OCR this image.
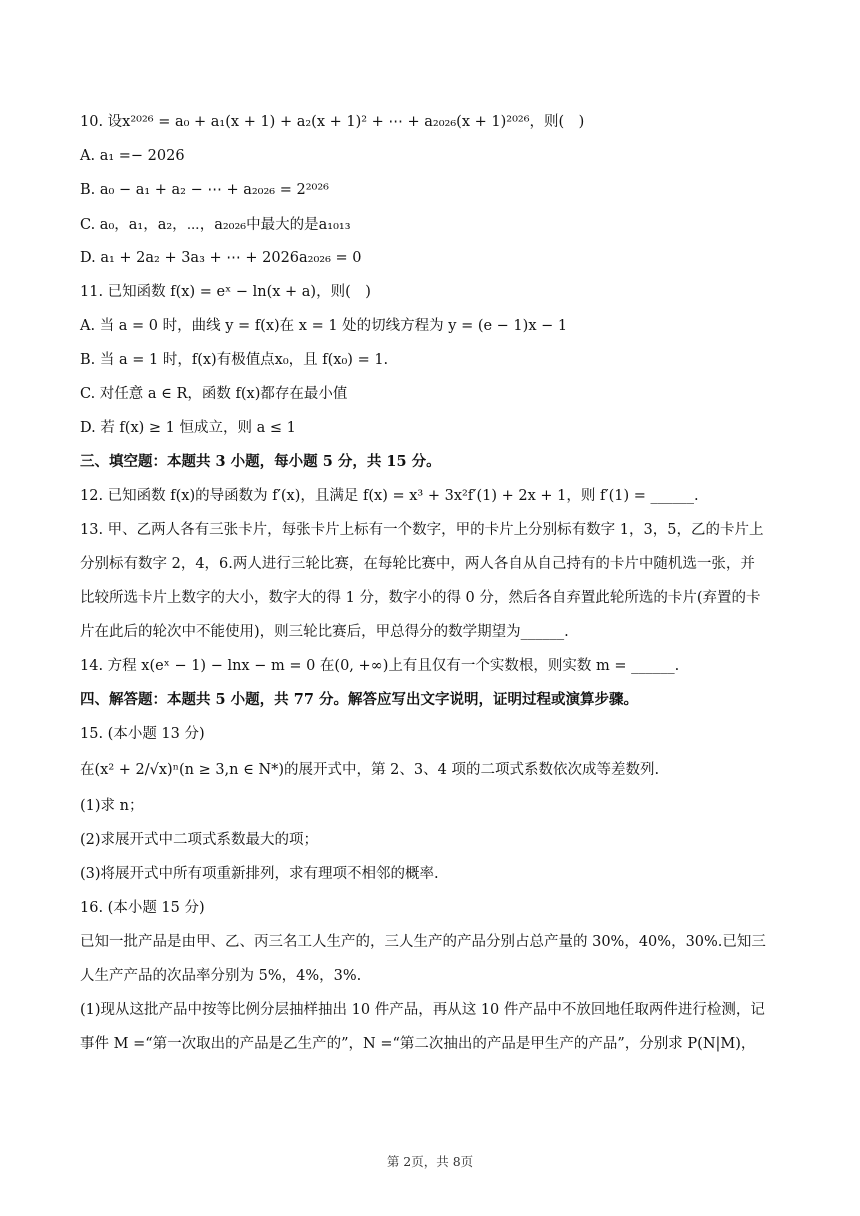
10. 设x²⁰²⁶ = a₀ + a₁(x + 1) + a₂(x + 1)² + ⋯ + a₂₀₂₆(x + 1)²⁰²⁶，则(　)
A. a₁ =− 2026
B. a₀ − a₁ + a₂ − ⋯ + a₂₀₂₆ = 2²⁰²⁶
C. a₀，a₁，a₂，⋯，a₂₀₂₆中最大的是a₁₀₁₃
D. a₁ + 2a₂ + 3a₃ + ⋯ + 2026a₂₀₂₆ = 0
11. 已知函数 f(x) = eˣ − ln(x + a)，则(　)
A. 当 a = 0 时，曲线 y = f(x)在 x = 1 处的切线方程为 y = (e − 1)x − 1
B. 当 a = 1 时，f(x)有极值点x₀，且 f(x₀) = 1.
C. 对任意 a ∈ R，函数 f(x)都存在最小值
D. 若 f(x) ≥ 1 恒成立，则 a ≤ 1
三、填空题：本题共 3 小题，每小题 5 分，共 15 分。
12. 已知函数 f(x)的导函数为 f′(x)，且满足 f(x) = x³ + 3x²f′(1) + 2x + 1，则 f′(1) = ______.
13. 甲、乙两人各有三张卡片，每张卡片上标有一个数字，甲的卡片上分别标有数字 1，3，5，乙的卡片上
分别标有数字 2，4，6.两人进行三轮比赛，在每轮比赛中，两人各自从自己持有的卡片中随机选一张，并
比较所选卡片上数字的大小，数字大的得 1 分，数字小的得 0 分，然后各自弃置此轮所选的卡片(弃置的卡
片在此后的轮次中不能使用)，则三轮比赛后，甲总得分的数学期望为______.
14. 方程 x(eˣ − 1) − lnx − m = 0 在(0, +∞)上有且仅有一个实数根，则实数 m = ______.
四、解答题：本题共 5 小题，共 77 分。解答应写出文字说明，证明过程或演算步骤。
15. (本小题 13 分)
在(x² + 2/√x)ⁿ(n ≥ 3,n ∈ N*)的展开式中，第 2、3、4 项的二项式系数依次成等差数列.
(1)求 n；
(2)求展开式中二项式系数最大的项；
(3)将展开式中所有项重新排列，求有理项不相邻的概率.
16. (本小题 15 分)
已知一批产品是由甲、乙、丙三名工人生产的，三人生产的产品分别占总产量的 30%，40%，30%.已知三
人生产产品的次品率分别为 5%，4%，3%.
(1)现从这批产品中按等比例分层抽样抽出 10 件产品，再从这 10 件产品中不放回地任取两件进行检测，记
事件 M =“第一次取出的产品是乙生产的”，N =“第二次抽出的产品是甲生产的产品”，分别求 P(N|M)，
第 2页，共 8页
